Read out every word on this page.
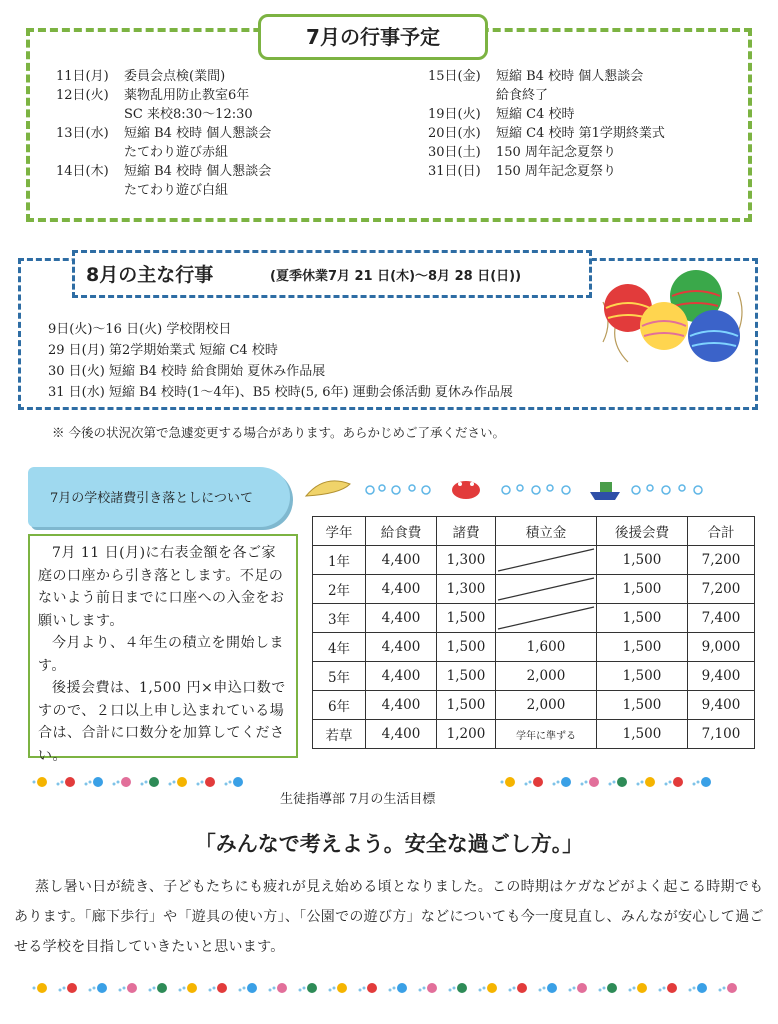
7月の行事予定
11日(月) 委員会点検(業間)
12日(火) 薬物乱用防止教室6年
SC 来校8:30～12:30
13日(水) 短縮 B4 校時 個人懇談会
たてわり遊び赤組
14日(木) 短縮 B4 校時 個人懇談会
たてわり遊び白組
15日(金) 短縮 B4 校時 個人懇談会
給食終了
19日(火) 短縮 C4 校時
20日(水) 短縮 C4 校時 第1学期終業式
30日(土) 150 周年記念夏祭り
31日(日) 150 周年記念夏祭り
8月の主な行事	(夏季休業7月 21 日(木)～8月 28 日(日))
9日(火)～16 日(火) 学校閉校日
29 日(月) 第2学期始業式 短縮 C4 校時
30 日(火) 短縮 B4 校時 給食開始 夏休み作品展
31 日(水) 短縮 B4 校時(1～4年)、B5 校時(5, 6年) 運動会係活動 夏休み作品展
※ 今後の状況次第で急遽変更する場合があります。あらかじめご了承ください。
7月の学校諸費引き落としについて

7月 11 日(月)に右表金額を各ご家庭の口座から引き落とします。不足のないよう前日までに口座への入金をお願いします。

今月より、４年生の積立を開始します。

後援会費は、1,500 円×申込口数ですので、２口以上申し込まれている場合は、合計に口数分を加算してください。

学年	給食費	諸費	積立金	後援会費	合計
1年	4,400	1,300		1,500	7,200
2年	4,400	1,300		1,500	7,200
3年	4,400	1,500		1,500	7,400
4年	4,400	1,500	1,600	1,500	9,000
5年	4,400	1,500	2,000	1,500	9,400
6年	4,400	1,500	2,000	1,500	9,400
若草	4,400	1,200	学年に準ずる	1,500	7,100
生徒指導部 7月の生活目標
「みんなで考えよう。安全な過ごし方。」

蒸し暑い日が続き、子どもたちにも疲れが見え始める頃となりました。この時期はケガなどがよく起こる時期でもあります。「廊下歩行」や「遊具の使い方」、「公園での遊び方」などについても今一度見直し、みんなが安心して過ごせる学校を目指していきたいと思います。
